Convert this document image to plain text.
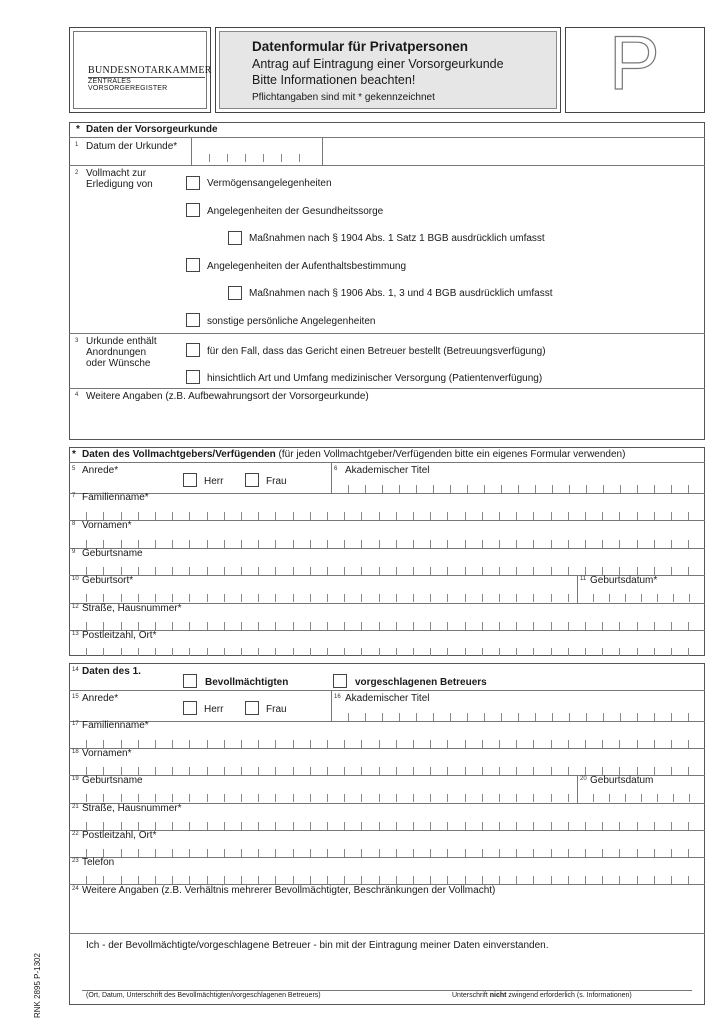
BUNDESNOTARKAMMER
ZENTRALES VORSORGEREGISTER
Datenformular für Privatpersonen
Antrag auf Eintragung einer Vorsorgeurkunde
Bitte Informationen beachten!
Pflichtangaben sind mit * gekennzeichnet P
* Daten der Vorsorgeurkunde
1 Datum der Urkunde*
2 Vollmacht zur
Erledigung von	Vermögensangelegenheiten
Angelegenheiten der Gesundheitssorge
Maßnahmen nach § 1904 Abs. 1 Satz 1 BGB ausdrücklich umfasst
Angelegenheiten der Aufenthaltsbestimmung
Maßnahmen nach § 1906 Abs. 1, 3 und 4 BGB ausdrücklich umfasst
sonstige persönliche Angelegenheiten
3 Urkunde enthält
Anordnungen
oder Wünsche
für den Fall, dass das Gericht einen Betreuer bestellt (Betreuungsverfügung)
hinsichtlich Art und Umfang medizinischer Versorgung (Patientenverfügung)
4 Weitere Angaben (z.B. Aufbewahrungsort der Vorsorgeurkunde)
* Daten des Vollmachtgebers/Verfügenden (für jeden Vollmachtgeber/Verfügenden bitte ein eigenes Formular verwenden)
5 Anrede*
Herr	Frau
6 Akademischer Titel
7 Familienname*
8 Vornamen*
9 Geburtsname
10 Geburtsort*	11 Geburtsdatum*
12 Straße, Hausnummer*
13 Postleitzahl, Ort*
14 Daten des 1.
Bevollmächtigten	vorgeschlagenen Betreuers
15 Anrede*
Herr	Frau
16 Akademischer Titel
17 Familienname*
18 Vornamen*
19 Geburtsname	20 Geburtsdatum
21 Straße, Hausnummer*
22 Postleitzahl, Ort*
23 Telefon
24 Weitere Angaben (z.B. Verhältnis mehrerer Bevollmächtigter, Beschränkungen der Vollmacht)
Ich - der Bevollmächtigte/vorgeschlagene Betreuer - bin mit der Eintragung meiner Daten einverstanden.
(Ort, Datum, Unterschrift des Bevollmächtigten/vorgeschlagenen Betreuers)	Unterschrift nicht zwingend erforderlich (s. Informationen)
RNK 2895 P-1302
